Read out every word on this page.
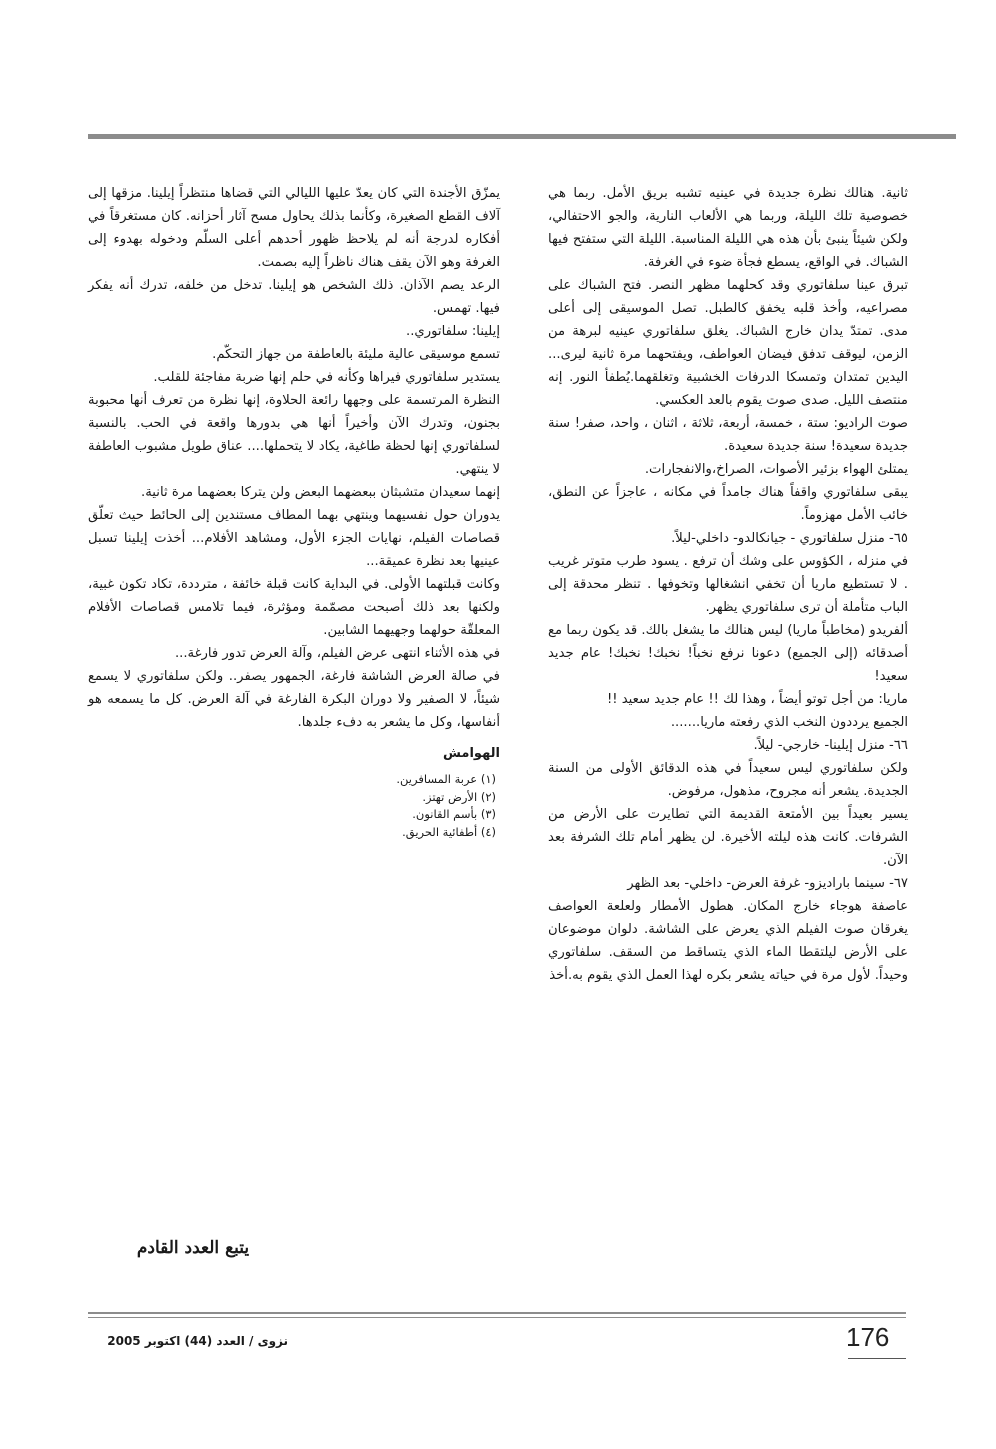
ثانية. هنالك نظرة جديدة في عينيه تشبه بريق الأمل. ربما هي خصوصية تلك الليلة، وربما هي الألعاب النارية، والجو الاحتفالي، ولكن شيئاً ينبئ بأن هذه هي الليلة المناسبة. الليلة التي ستفتح فيها الشباك. في الواقع، يسطع فجأة ضوء في الغرفة.

تبرق عينا سلفاتوري وقد كحلهما مظهر النصر. فتح الشباك على مصراعيه، وأخذ قلبه يخفق كالطبل. تصل الموسيقى إلى أعلى مدى. تمتدّ يدان خارج الشباك. يغلق سلفاتوري عينيه لبرهة من الزمن، ليوقف تدفق فيضان العواطف، ويفتحهما مرة ثانية ليرى... اليدين تمتدان وتمسكا الدرفات الخشبية وتغلقهما.يُطفأ النور. إنه منتصف الليل. صدى صوت يقوم بالعد العكسي.

صوت الراديو: ستة ، خمسة، أربعة، ثلاثة ، اثنان ، واحد، صفر! سنة جديدة سعيدة! سنة جديدة سعيدة.

يمتلئ الهواء بزئير الأصوات، الصراخ،والانفجارات.

يبقى سلفاتوري واقفاً هناك جامداً في مكانه ، عاجزاً عن النطق، خائب الأمل مهزوماً.

٦٥- منزل سلفاتوري - جيانكالدو- داخلي-ليلاً.

في منزله ، الكؤوس على وشك أن ترفع . يسود طرب متوتر غريب . لا تستطيع ماريا أن تخفي انشغالها وتخوفها . تنظر محدقة إلى الباب متأملة أن ترى سلفاتوري يظهر.

ألفريدو (مخاطباً ماريا) ليس هنالك ما يشغل بالك. قد يكون ربما مع أصدقائه (إلى الجميع) دعونا نرفع نخباً! نخبك! نخبك! عام جديد سعيد!

ماريا: من أجل توتو أيضاً ، وهذا لك !! عام جديد سعيد !!

الجميع يرددون النخب الذي رفعته ماريا.......

٦٦- منزل إيلينا- خارجي- ليلاً.

ولكن سلفاتوري ليس سعيداً في هذه الدقائق الأولى من السنة الجديدة. يشعر أنه مجروح، مذهول، مرفوض.

يسير بعيداً بين الأمتعة القديمة التي تطايرت على الأرض من الشرفات. كانت هذه ليلته الأخيرة. لن يظهر أمام تلك الشرفة بعد الآن.

٦٧- سينما باراديزو- غرفة العرض- داخلي- بعد الظهر

عاصفة هوجاء خارج المكان. هطول الأمطار ولعلعة العواصف يغرقان صوت الفيلم الذي يعرض على الشاشة. دلوان موضوعان على الأرض ليلتقطا الماء الذي يتساقط من السقف. سلفاتوري وحيداً. لأول مرة في حياته يشعر بكره لهذا العمل الذي يقوم به.أخذ

يمزّق الأجندة التي كان يعدّ عليها الليالي التي قضاها منتظراً إيلينا. مزقها إلى آلاف القطع الصغيرة، وكأنما بذلك يحاول مسح آثار أحزانه. كان مستغرقاً في أفكاره لدرجة أنه لم يلاحظ ظهور أحدهم أعلى السلّم ودخوله بهدوء إلى الغرفة وهو الآن يقف هناك ناظراً إليه بصمت.

الرعد يصم الآذان. ذلك الشخص هو إيلينا. تدخل من خلفه، تدرك أنه يفكر فيها. تهمس.

إيلينا: سلفاتوري..

تسمع موسيقى عالية مليئة بالعاطفة من جهاز التحكّم.

يستدير سلفاتوري فيراها وكأنه في حلم إنها ضربة مفاجئة للقلب.

النظرة المرتسمة على وجهها رائعة الحلاوة، إنها نظرة من تعرف أنها محبوبة بجنون، وتدرك الآن وأخيراً أنها هي بدورها واقعة في الحب. بالنسبة لسلفاتوري إنها لحظة طاغية، يكاد لا يتحملها.... عناق طويل مشبوب العاطفة لا ينتهي.

إنهما سعيدان متشبثان ببعضهما البعض ولن يتركا بعضهما مرة ثانية.

يدوران حول نفسيهما وينتهي بهما المطاف مستندين إلى الحائط حيث تعلّق قصاصات الفيلم، نهايات الجزء الأول، ومشاهد الأفلام... أخذت إيلينا تسبل عينيها بعد نظرة عميقة...

وكانت قبلتهما الأولى. في البداية كانت قبلة خائفة ، مترددة، تكاد تكون غبية، ولكنها بعد ذلك أصبحت مصمّمة ومؤثرة، فيما تلامس قصاصات الأفلام المعلقّة حولهما وجهيهما الشابين.

في هذه الأثناء انتهى عرض الفيلم، وآلة العرض تدور فارغة...

في صالة العرض الشاشة فارغة، الجمهور يصفر.. ولكن سلفاتوري لا يسمع شيئاً، لا الصفير ولا دوران البكرة الفارغة في آلة العرض. كل ما يسمعه هو أنفاسها، وكل ما يشعر به دفء جلدها.

الهوامش
(١) عربة المسافرين.
(٢) الأرض تهتز.
(٣) بأسم القانون.
(٤) أطفائية الحريق.
يتبع العدد القادم
176
نزوى / العدد (44) اكتوبر 2005
